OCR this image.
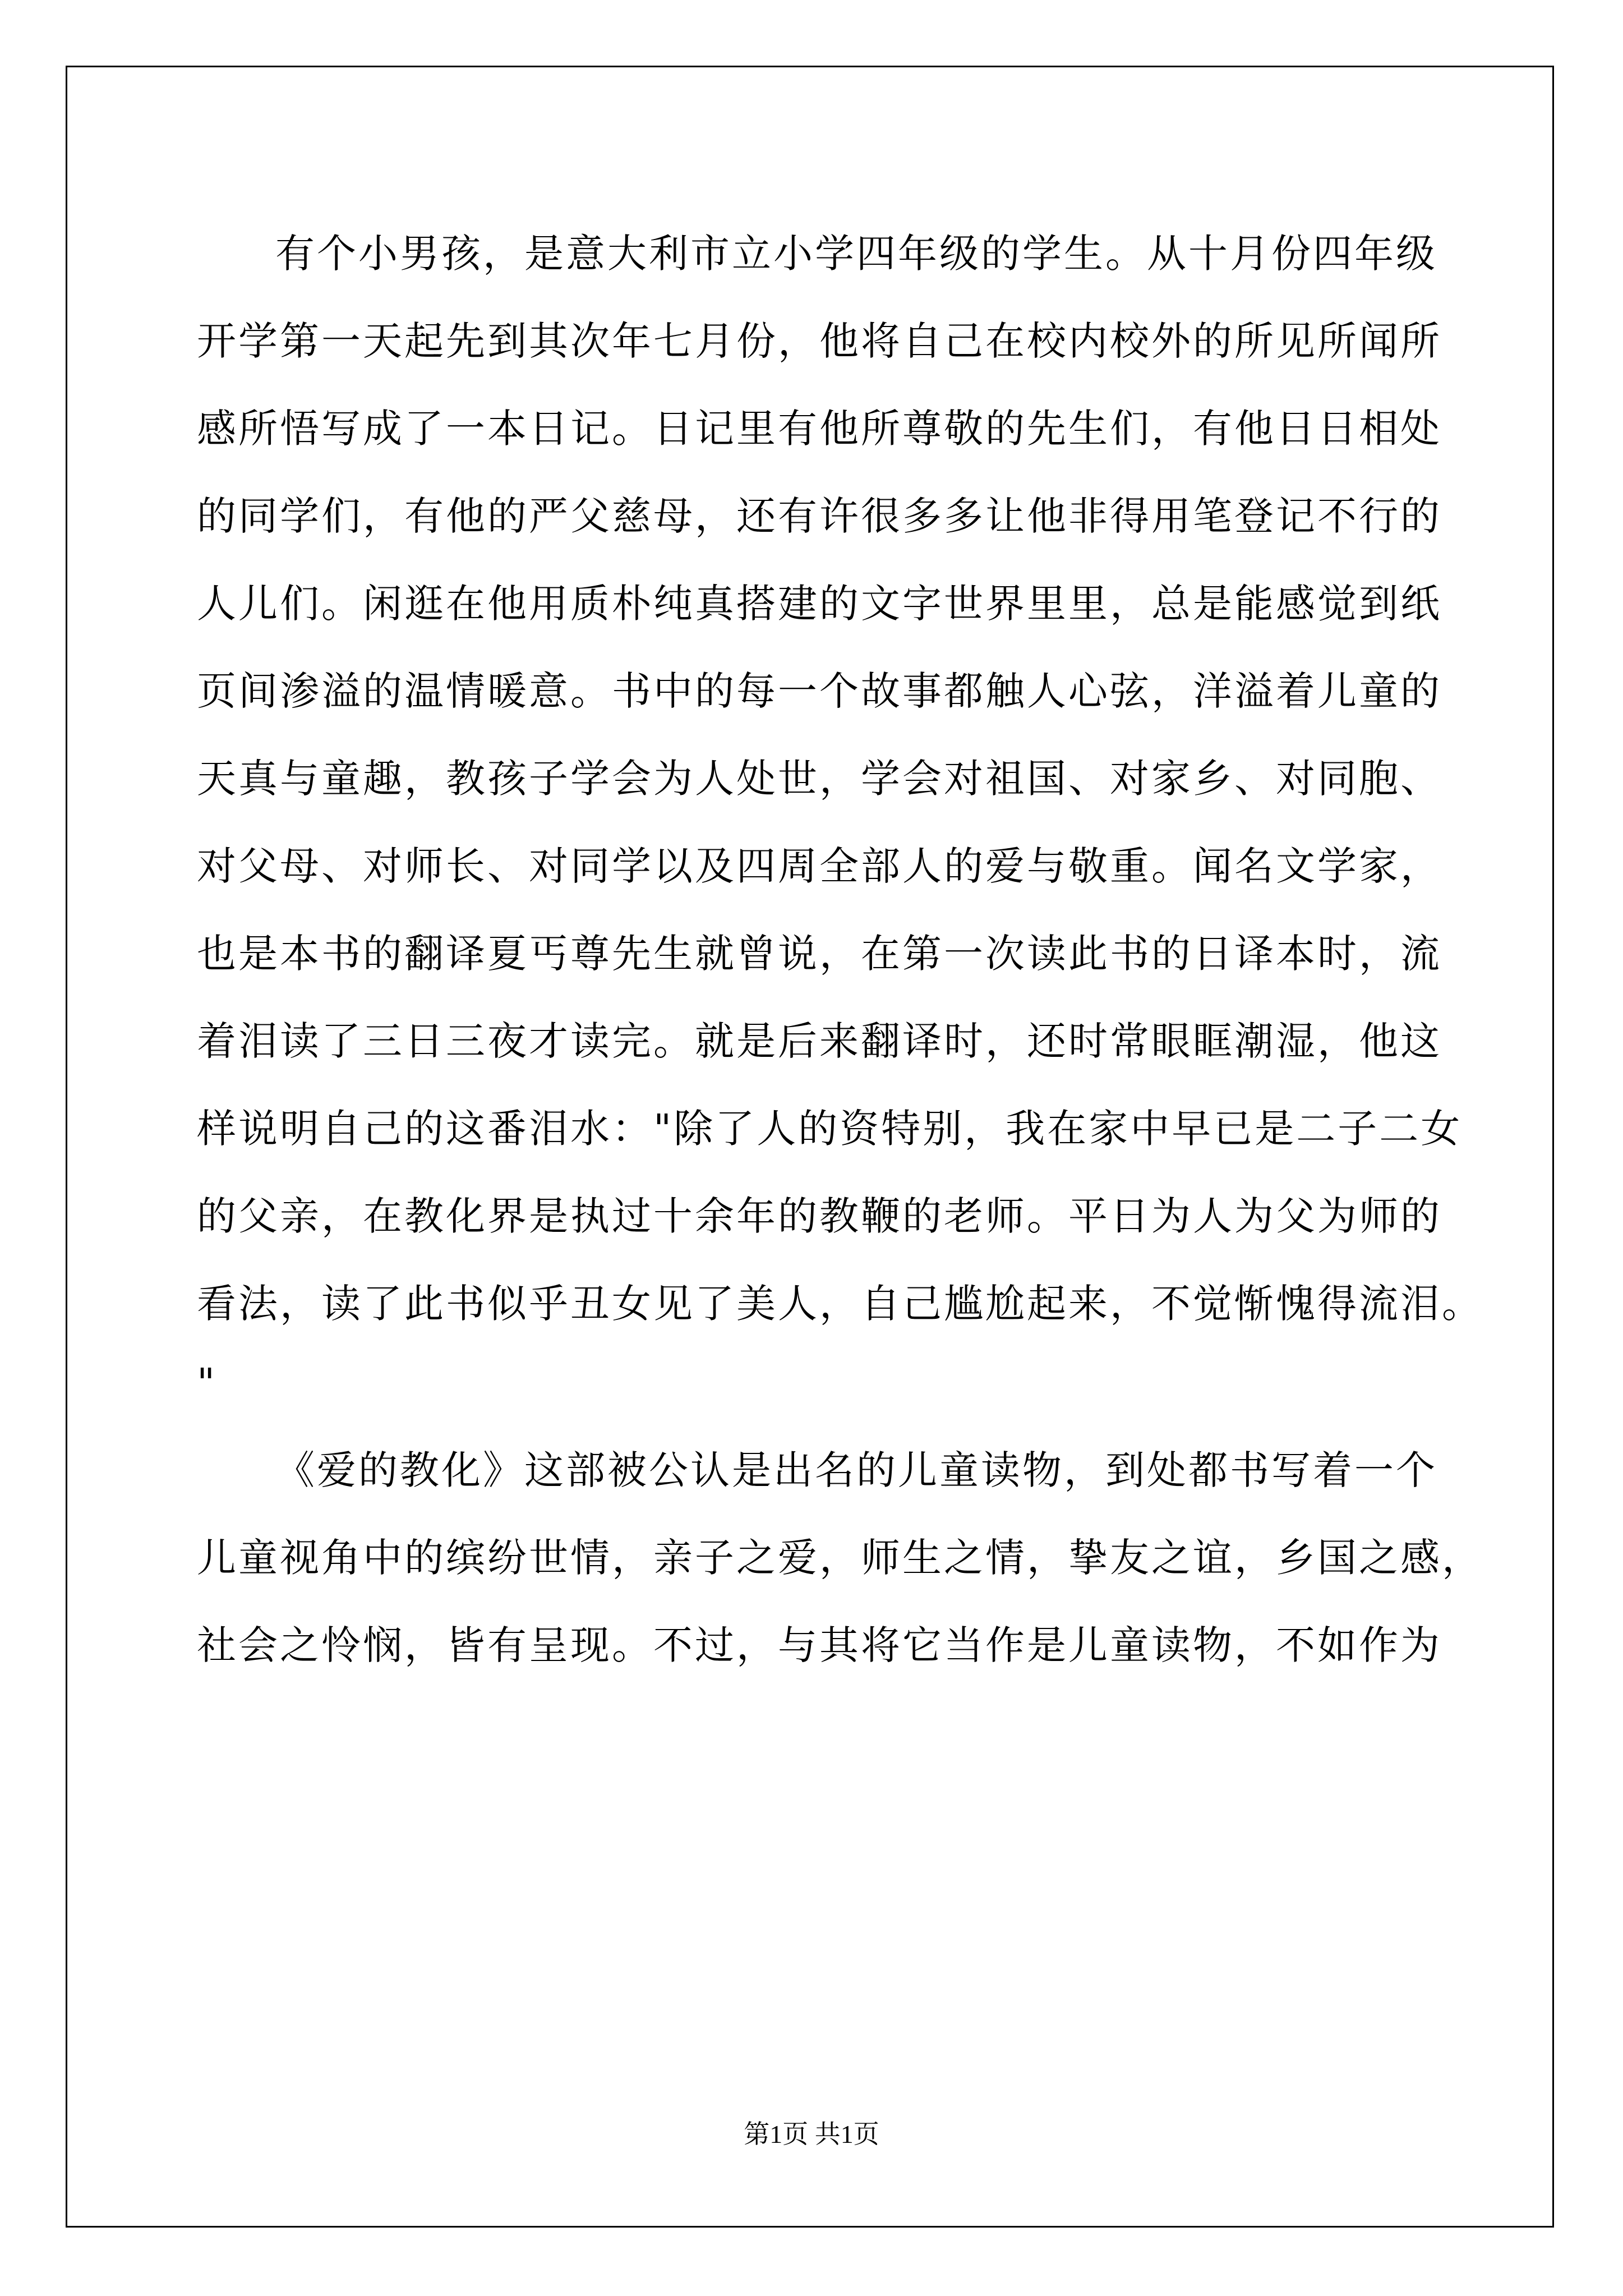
有个小男孩，是意大利市立小学四年级的学生。从十月份四年级
开学第一天起先到其次年七月份，他将自己在校内校外的所见所闻所
感所悟写成了一本日记。日记里有他所尊敬的先生们，有他日日相处
的同学们，有他的严父慈母，还有许很多多让他非得用笔登记不行的
人儿们。闲逛在他用质朴纯真搭建的文字世界里里，总是能感觉到纸
页间渗溢的温情暖意。书中的每一个故事都触人心弦，洋溢着儿童的
天真与童趣，教孩子学会为人处世，学会对祖国、对家乡、对同胞、
对父母、对师长、对同学以及四周全部人的爱与敬重。闻名文学家，
也是本书的翻译夏丐尊先生就曾说，在第一次读此书的日译本时，流
着泪读了三日三夜才读完。就是后来翻译时，还时常眼眶潮湿，他这
样说明自己的这番泪水："除了人的资特别，我在家中早已是二子二女
的父亲，在教化界是执过十余年的教鞭的老师。平日为人为父为师的
看法，读了此书似乎丑女见了美人，自己尴尬起来，不觉惭愧得流泪。
"
《爱的教化》这部被公认是出名的儿童读物，到处都书写着一个
儿童视角中的缤纷世情，亲子之爱，师生之情，挚友之谊，乡国之感，
社会之怜悯，皆有呈现。不过，与其将它当作是儿童读物，不如作为
第1页 共1页
